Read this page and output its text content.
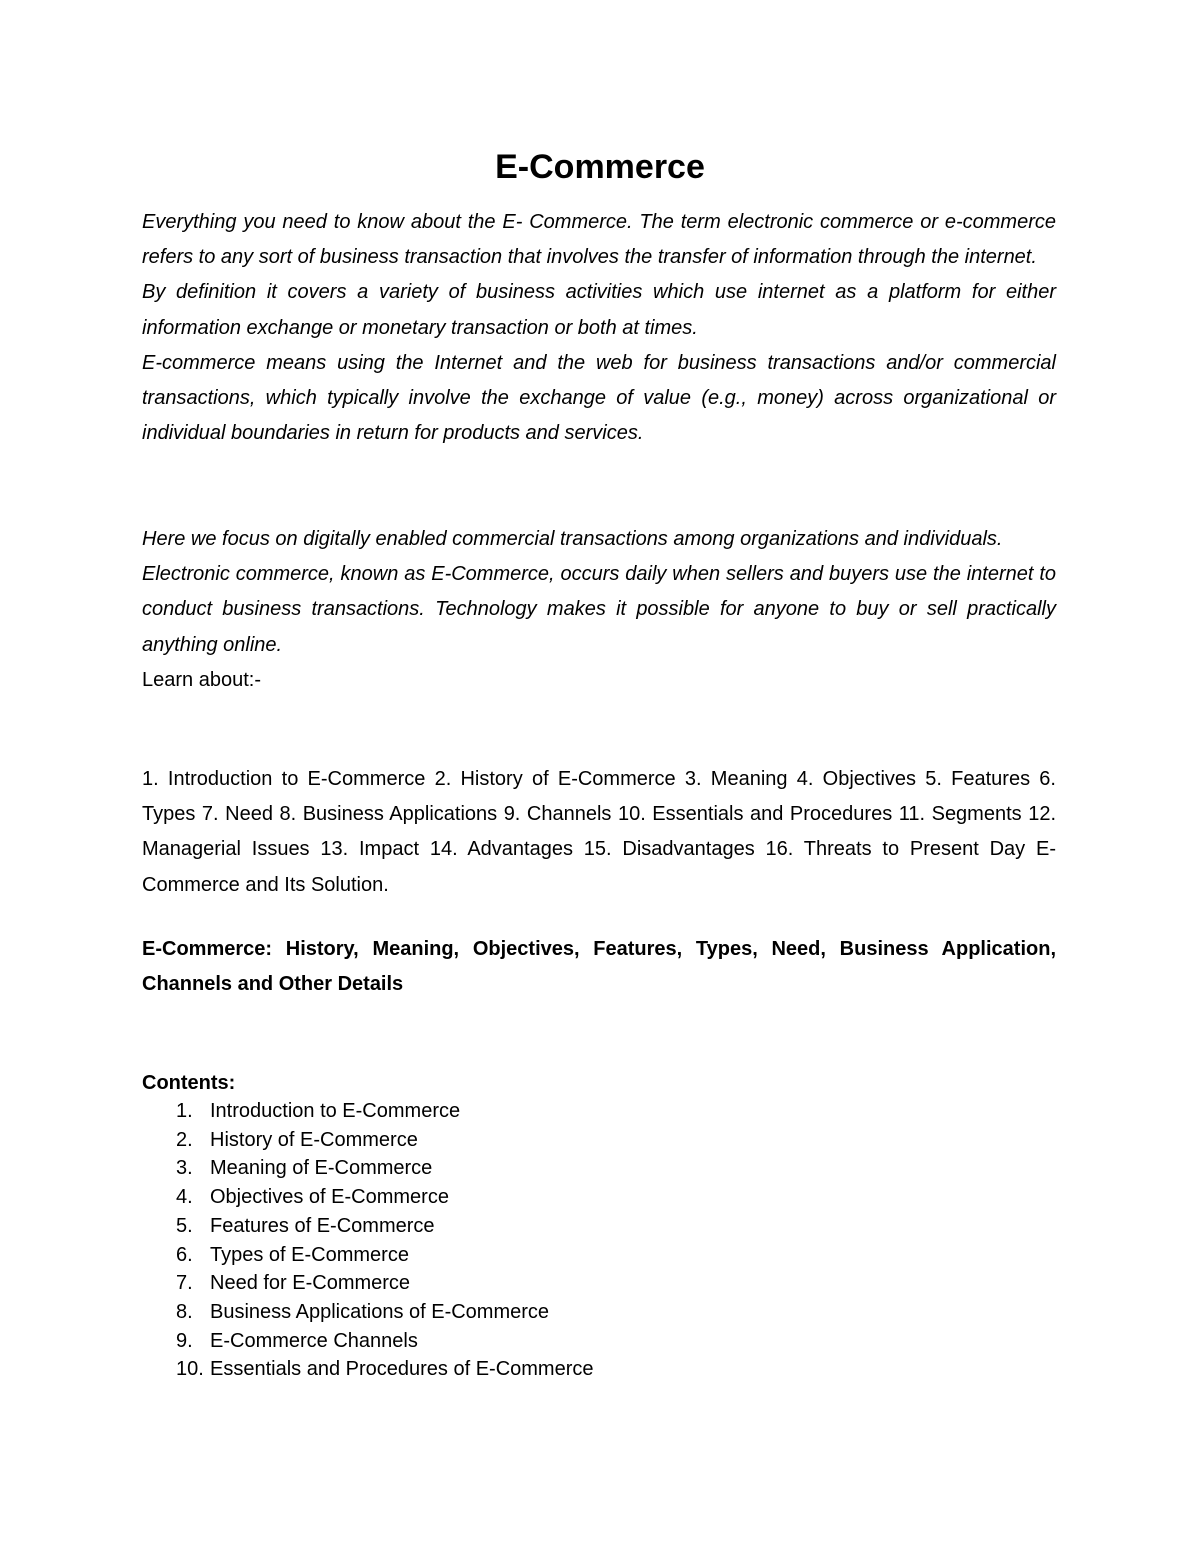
E-Commerce

Everything you need to know about the E- Commerce. The term electronic commerce or e-commerce refers to any sort of business transaction that involves the transfer of information through the internet.

By definition it covers a variety of business activities which use internet as a platform for either information exchange or monetary transaction or both at times.

E-commerce means using the Internet and the web for business transactions and/or commercial transactions, which typically involve the exchange of value (e.g., money) across organizational or individual boundaries in return for products and services.

Here we focus on digitally enabled commercial transactions among organizations and individuals.

Electronic commerce, known as E-Commerce, occurs daily when sellers and buyers use the internet to conduct business transactions. Technology makes it possible for anyone to buy or sell practically anything online.

Learn about:-

1. Introduction to E-Commerce 2. History of E-Commerce 3. Meaning 4. Objectives 5. Features 6. Types 7. Need 8. Business Applications 9. Channels 10. Essentials and Procedures 11. Segments 12. Managerial Issues 13. Impact 14. Advantages 15. Disadvantages 16. Threats to Present Day E-Commerce and Its Solution.

E-Commerce: History, Meaning, Objectives, Features, Types, Need, Business Application, Channels and Other Details

Contents:

1. Introduction to E-Commerce
2. History of E-Commerce
3. Meaning of E-Commerce
4. Objectives of E-Commerce
5. Features of E-Commerce
6. Types of E-Commerce
7. Need for E-Commerce
8. Business Applications of E-Commerce
9. E-Commerce Channels
10. Essentials and Procedures of E-Commerce
